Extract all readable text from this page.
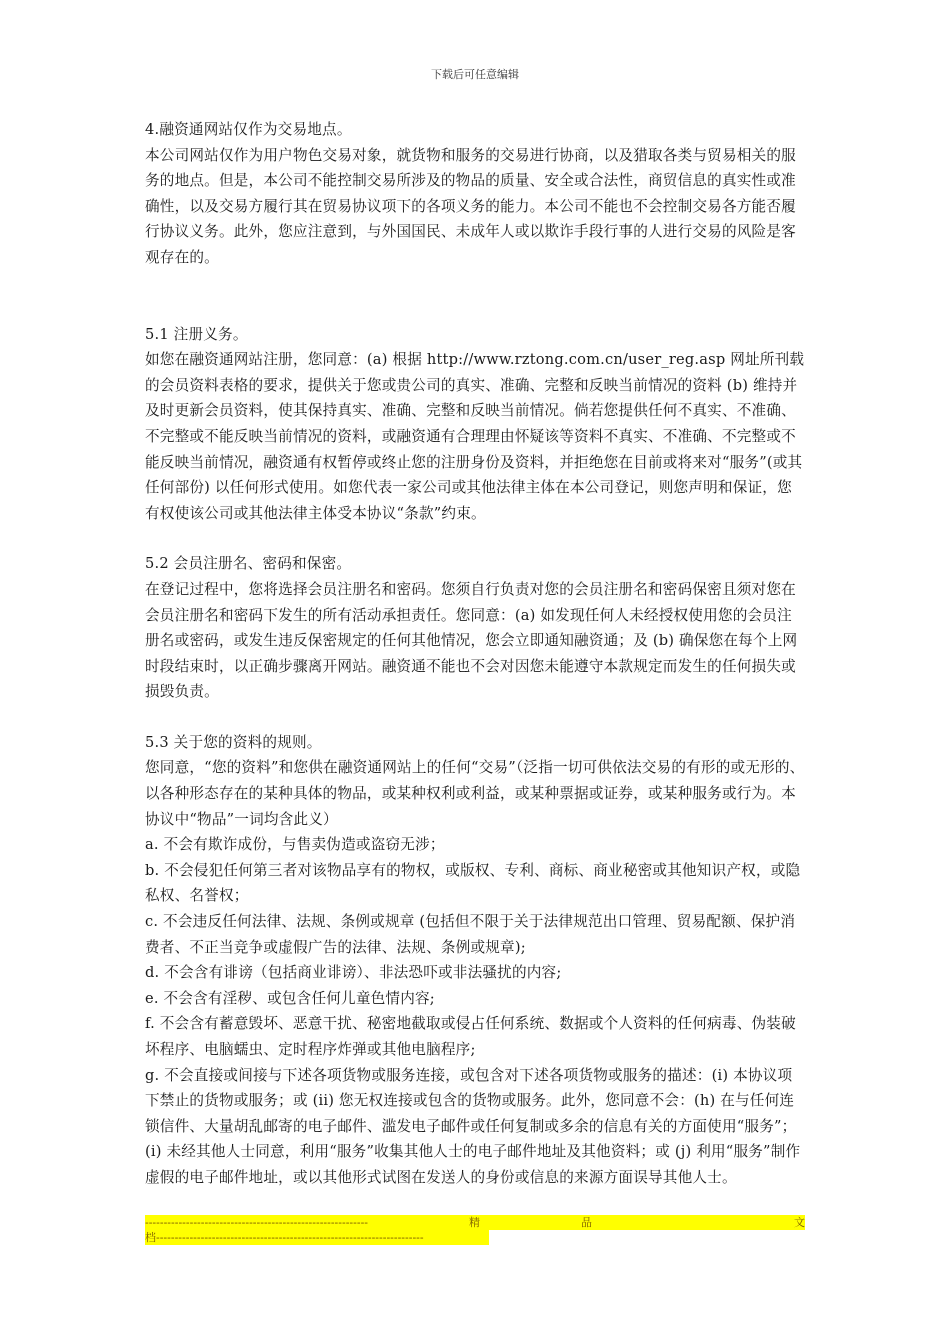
下载后可任意编辑

4.融资通网站仅作为交易地点。

本公司网站仅作为用户物色交易对象，就货物和服务的交易进行协商，以及猎取各类与贸易相关的服务的地点。但是，本公司不能控制交易所涉及的物品的质量、安全或合法性，商贸信息的真实性或准确性，以及交易方履行其在贸易协议项下的各项义务的能力。本公司不能也不会控制交易各方能否履行协议义务。此外，您应注意到，与外国国民、未成年人或以欺诈手段行事的人进行交易的风险是客观存在的。

5.1 注册义务。

如您在融资通网站注册，您同意：(a) 根据 http://www.rztong.com.cn/user_reg.asp 网址所刊载的会员资料表格的要求，提供关于您或贵公司的真实、准确、完整和反映当前情况的资料 (b) 维持并及时更新会员资料，使其保持真实、准确、完整和反映当前情况。倘若您提供任何不真实、不准确、不完整或不能反映当前情况的资料，或融资通有合理理由怀疑该等资料不真实、不准确、不完整或不能反映当前情况，融资通有权暂停或终止您的注册身份及资料，并拒绝您在目前或将来对“服务”(或其任何部份) 以任何形式使用。如您代表一家公司或其他法律主体在本公司登记，则您声明和保证，您有权使该公司或其他法律主体受本协议“条款”约束。

5.2 会员注册名、密码和保密。

在登记过程中，您将选择会员注册名和密码。您须自行负责对您的会员注册名和密码保密且须对您在会员注册名和密码下发生的所有活动承担责任。您同意：(a) 如发现任何人未经授权使用您的会员注册名或密码，或发生违反保密规定的任何其他情况，您会立即通知融资通；及 (b) 确保您在每个上网时段结束时，以正确步骤离开网站。融资通不能也不会对因您未能遵守本款规定而发生的任何损失或损毁负责。

5.3 关于您的资料的规则。

您同意，“您的资料”和您供在融资通网站上的任何“交易”（泛指一切可供依法交易的有形的或无形的、以各种形态存在的某种具体的物品，或某种权利或利益，或某种票据或证券，或某种服务或行为。本协议中“物品”一词均含此义）

a. 不会有欺诈成份，与售卖伪造或盗窃无涉；

b. 不会侵犯任何第三者对该物品享有的物权，或版权、专利、商标、商业秘密或其他知识产权，或隐私权、名誉权；

c. 不会违反任何法律、法规、条例或规章 (包括但不限于关于法律规范出口管理、贸易配额、保护消费者、不正当竞争或虚假广告的法律、法规、条例或规章);

d. 不会含有诽谤（包括商业诽谤）、非法恐吓或非法骚扰的内容;

e. 不会含有淫秽、或包含任何儿童色情内容;

f. 不会含有蓄意毁坏、恶意干扰、秘密地截取或侵占任何系统、数据或个人资料的任何病毒、伪装破坏程序、电脑蠕虫、定时程序炸弹或其他电脑程序;

g. 不会直接或间接与下述各项货物或服务连接，或包含对下述各项货物或服务的描述：(i) 本协议项下禁止的货物或服务；或 (ii) 您无权连接或包含的货物或服务。此外，您同意不会：(h) 在与任何连锁信件、大量胡乱邮寄的电子邮件、滥发电子邮件或任何复制或多余的信息有关的方面使用“服务”；(i) 未经其他人士同意，利用“服务”收集其他人士的电子邮件地址及其他资料；或 (j) 利用“服务”制作虚假的电子邮件地址，或以其他形式试图在发送人的身份或信息的来源方面误导其他人士。

------------------------------------------------------------	精	品	文
档------------------------------------------------------------------------
